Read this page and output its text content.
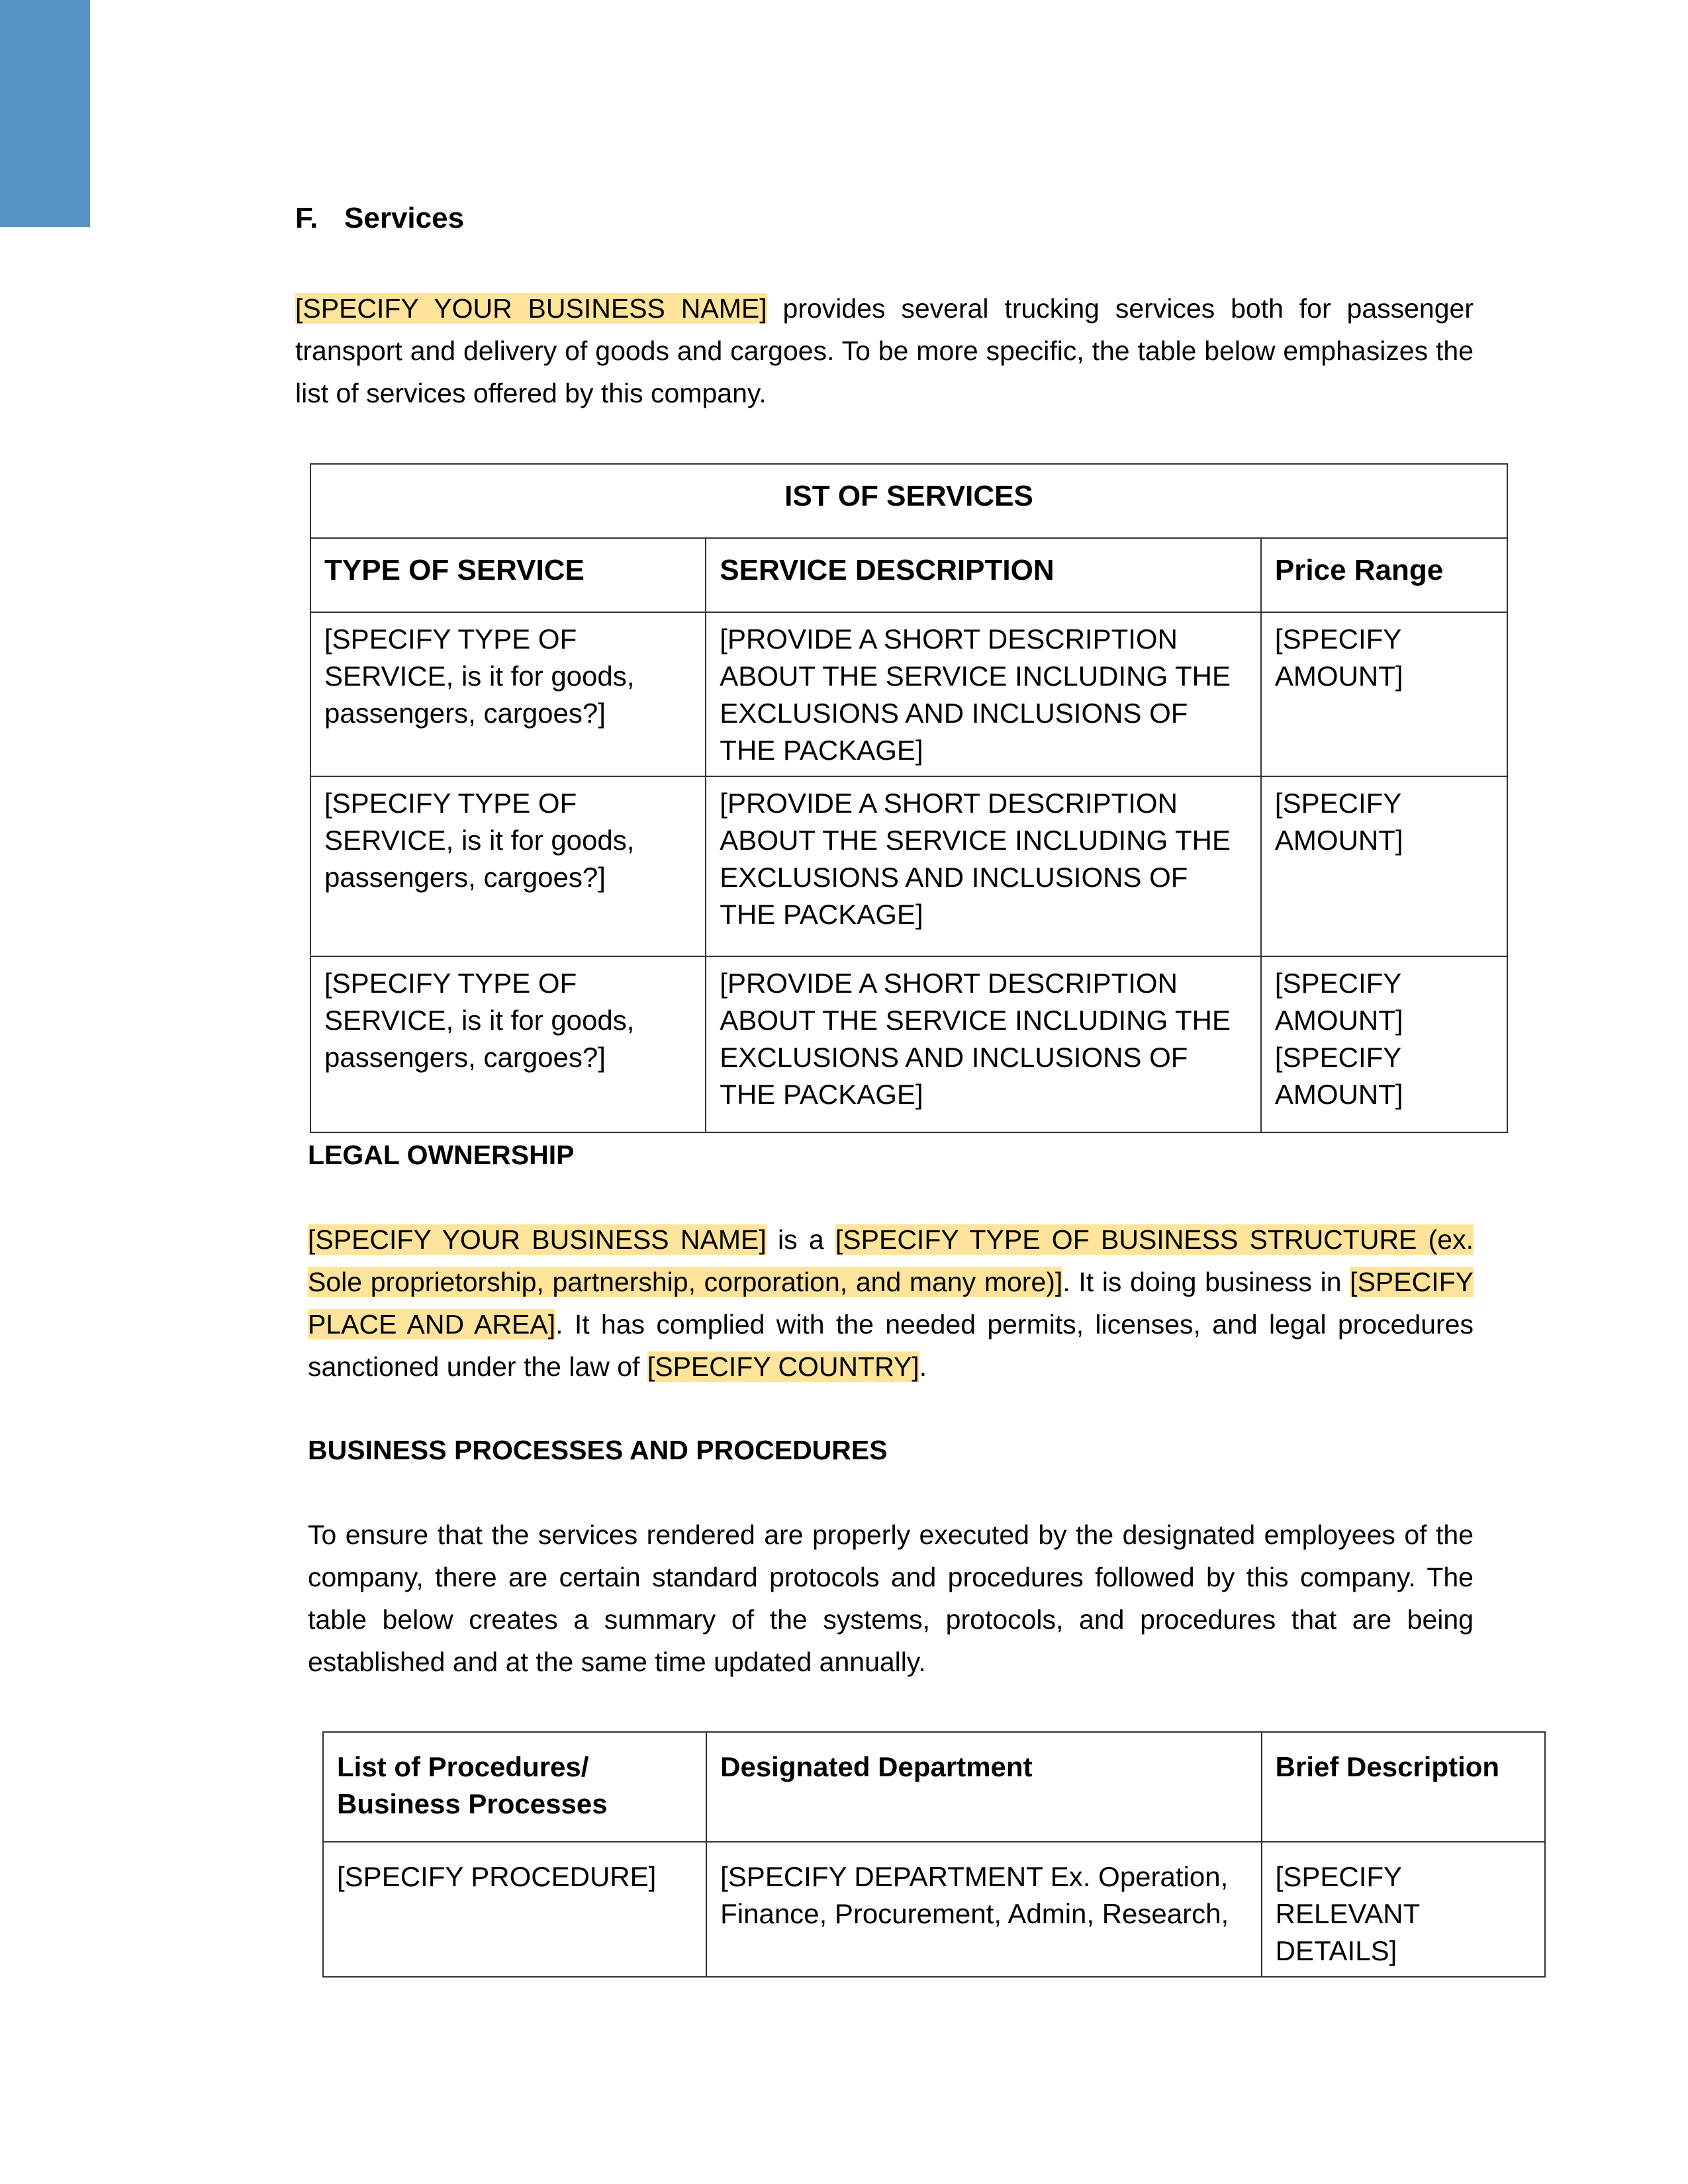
F. Services
[SPECIFY YOUR BUSINESS NAME] provides several trucking services both for passenger transport and delivery of goods and cargoes. To be more specific, the table below emphasizes the list of services offered by this company.
IST OF SERVICES		
TYPE OF SERVICE	SERVICE DESCRIPTION	Price Range
[SPECIFY TYPE OF SERVICE, is it for goods, passengers, cargoes?]	[PROVIDE A SHORT DESCRIPTION ABOUT THE SERVICE INCLUDING THE EXCLUSIONS AND INCLUSIONS OF THE PACKAGE]	[SPECIFY AMOUNT]
[SPECIFY TYPE OF SERVICE, is it for goods, passengers, cargoes?]	[PROVIDE A SHORT DESCRIPTION ABOUT THE SERVICE INCLUDING THE EXCLUSIONS AND INCLUSIONS OF THE PACKAGE]	[SPECIFY AMOUNT]
[SPECIFY TYPE OF SERVICE, is it for goods, passengers, cargoes?]	[PROVIDE A SHORT DESCRIPTION ABOUT THE SERVICE INCLUDING THE EXCLUSIONS AND INCLUSIONS OF THE PACKAGE]	[SPECIFY AMOUNT] [SPECIFY AMOUNT]
LEGAL OWNERSHIP
[SPECIFY YOUR BUSINESS NAME] is a [SPECIFY TYPE OF BUSINESS STRUCTURE (ex. Sole proprietorship, partnership, corporation, and many more)]. It is doing business in [SPECIFY PLACE AND AREA]. It has complied with the needed permits, licenses, and legal procedures sanctioned under the law of [SPECIFY COUNTRY].
BUSINESS PROCESSES AND PROCEDURES
To ensure that the services rendered are properly executed by the designated employees of the company, there are certain standard protocols and procedures followed by this company. The table below creates a summary of the systems, protocols, and procedures that are being established and at the same time updated annually.
List of Procedures/ Business Processes	Designated Department	Brief Description
[SPECIFY PROCEDURE]	[SPECIFY DEPARTMENT Ex. Operation, Finance, Procurement, Admin, Research,	[SPECIFY RELEVANT DETAILS]
